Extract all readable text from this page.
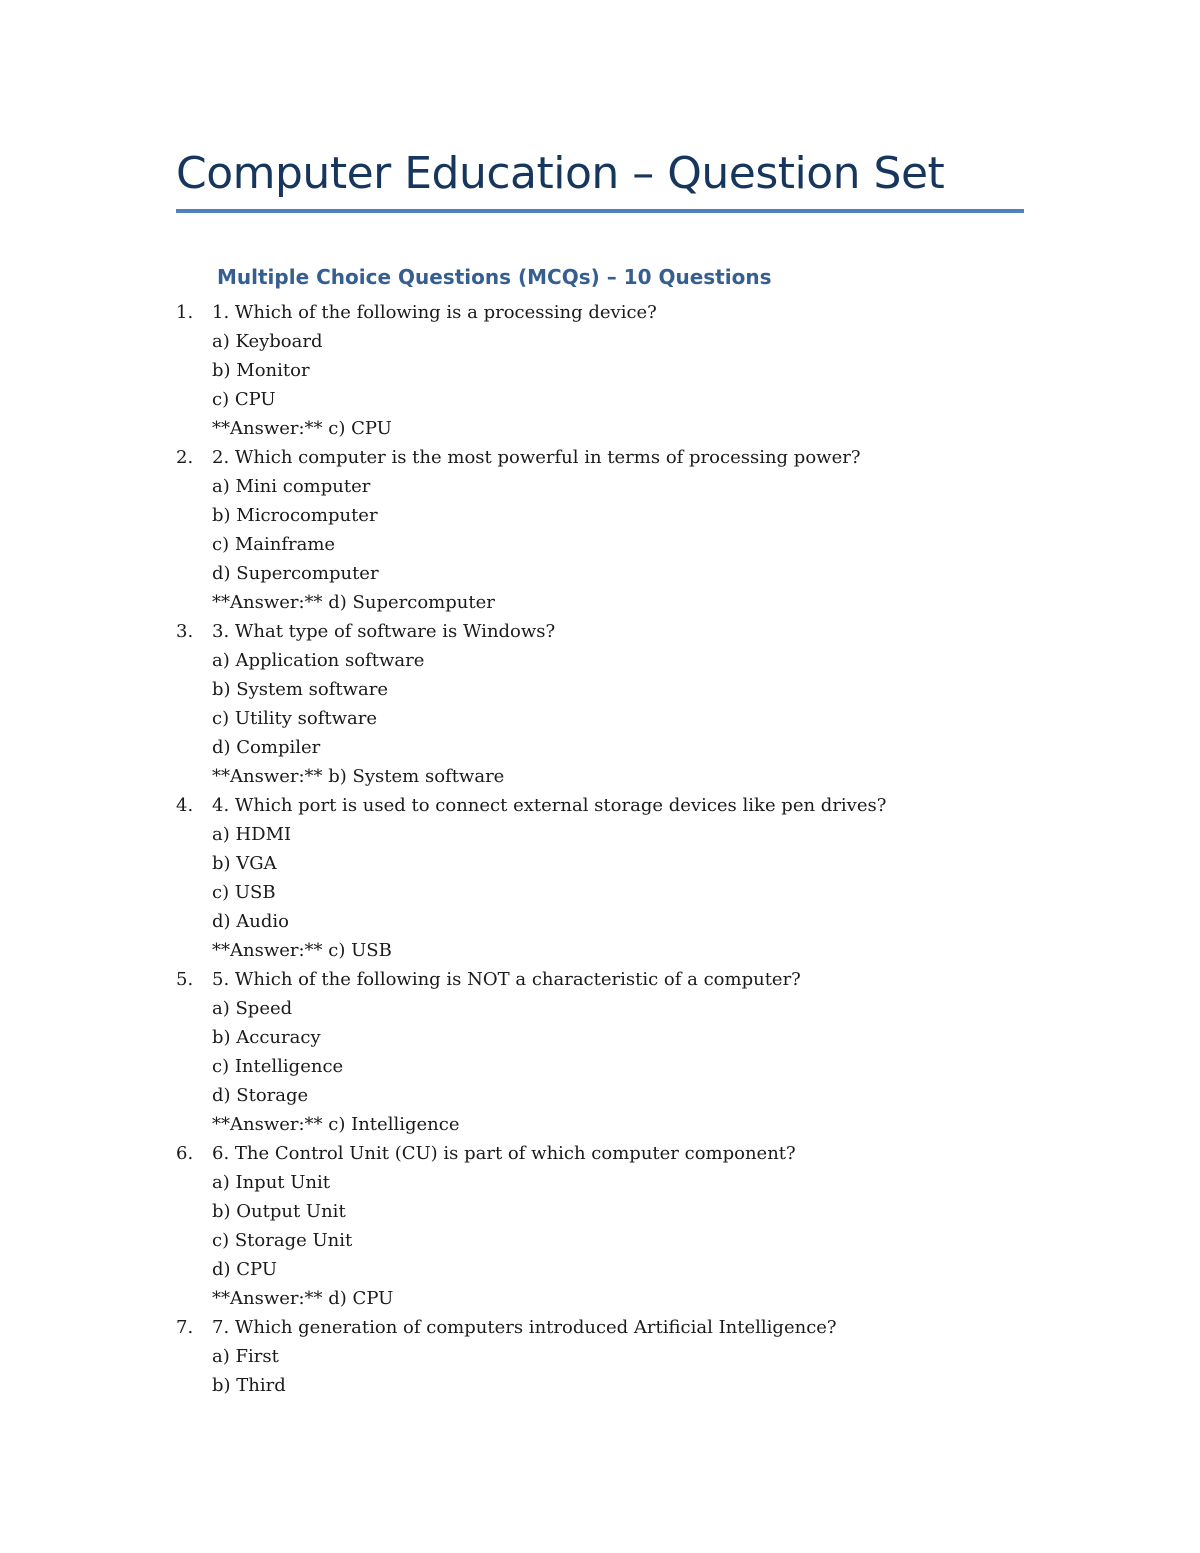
Computer Education – Question Set
Multiple Choice Questions (MCQs) – 10 Questions
1.	1. Which of the following is a processing device?
a) Keyboard
b) Monitor
c) CPU
**Answer:** c) CPU
2.	2. Which computer is the most powerful in terms of processing power?
a) Mini computer
b) Microcomputer
c) Mainframe
d) Supercomputer
**Answer:** d) Supercomputer
3.	3. What type of software is Windows?
a) Application software
b) System software
c) Utility software
d) Compiler
**Answer:** b) System software
4.	4. Which port is used to connect external storage devices like pen drives?
a) HDMI
b) VGA
c) USB
d) Audio
**Answer:** c) USB
5.	5. Which of the following is NOT a characteristic of a computer?
a) Speed
b) Accuracy
c) Intelligence
d) Storage
**Answer:** c) Intelligence
6.	6. The Control Unit (CU) is part of which computer component?
a) Input Unit
b) Output Unit
c) Storage Unit
d) CPU
**Answer:** d) CPU
7.	7. Which generation of computers introduced Artificial Intelligence?
a) First
b) Third
